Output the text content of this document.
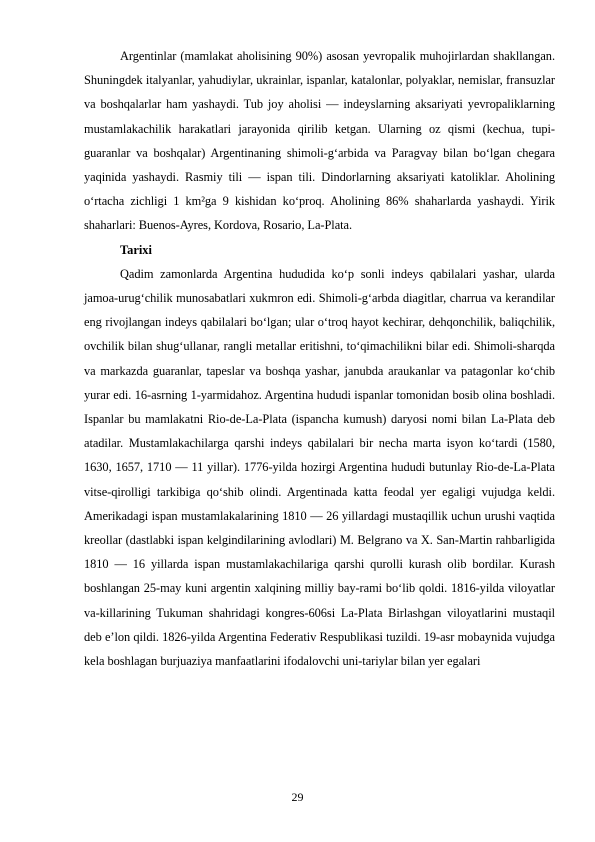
Argentinlar (mamlakat aholisining 90%) asosan yevropalik muhojirlardan shakllangan. Shuningdek italyanlar, yahudiylar, ukrainlar, ispanlar, katalonlar, polyaklar, nemislar, fransuzlar va boshqalarlar ham yashaydi. Tub joy aholisi — indeyslarning aksariyati yevropaliklarning mustamlakachilik harakatlari jarayonida qirilib ketgan. Ularning oz qismi (kechua, tupi-guaranlar va boshqalar) Argentinaning shimoli-gʻarbida va Paragvay bilan boʻlgan chegara yaqinida yashaydi. Rasmiy tili — ispan tili. Dindorlarning aksariyati katoliklar. Aholining oʻrtacha zichligi 1 km²ga 9 kishidan koʻproq. Aholining 86% shaharlarda yashaydi. Yirik shaharlari: Buenos-Ayres, Kordova, Rosario, La-Plata.

Tarixi

Qadim zamonlarda Argentina hududida koʻp sonli indeys qabilalari yashar, ularda jamoa-urugʻchilik munosabatlari xukmron edi. Shimoli-gʻarbda diagitlar, charrua va kerandilar eng rivojlangan indeys qabilalari boʻlgan; ular oʻtroq hayot kechirar, dehqonchilik, baliqchilik, ovchilik bilan shugʻullanar, rangli metallar eritishni, toʻqimachilikni bilar edi. Shimoli-sharqda va markazda guaranlar, tapeslar va boshqa yashar, janubda araukanlar va patagonlar koʻchib yurar edi. 16-asrning 1-yarmidahoz. Argentina hududi ispanlar tomonidan bosib olina boshladi. Ispanlar bu mamlakatni Rio-de-La-Plata (ispancha kumush) daryosi nomi bilan La-Plata deb atadilar. Mustamlakachilarga qarshi indeys qabilalari bir necha marta isyon koʻtardi (1580, 1630, 1657, 1710 — 11 yillar). 1776-yilda hozirgi Argentina hududi butunlay Rio-de-La-Plata vitse-qirolligi tarkibiga qoʻshib olindi. Argentinada katta feodal yer egaligi vujudga keldi. Amerikadagi ispan mustamlakalarining 1810 — 26 yillardagi mustaqillik uchun urushi vaqtida kreollar (dastlabki ispan kelgindilarining avlodlari) M. Belgrano va X. San-Martin rahbarligida 1810 — 16 yillarda ispan mustamlakachilariga qarshi qurolli kurash olib bordilar. Kurash boshlangan 25-may kuni argentin xalqining milliy bay-rami boʻlib qoldi. 1816-yilda viloyatlar va-killarining Tukuman shahridagi kongres-606si La-Plata Birlashgan viloyatlarini mustaqil deb eʼlon qildi. 1826-yilda Argentina Federativ Respublikasi tuzildi. 19-asr mobaynida vujudga kela boshlagan burjuaziya manfaatlarini ifodalovchi uni-tariylar bilan yer egalari

29
